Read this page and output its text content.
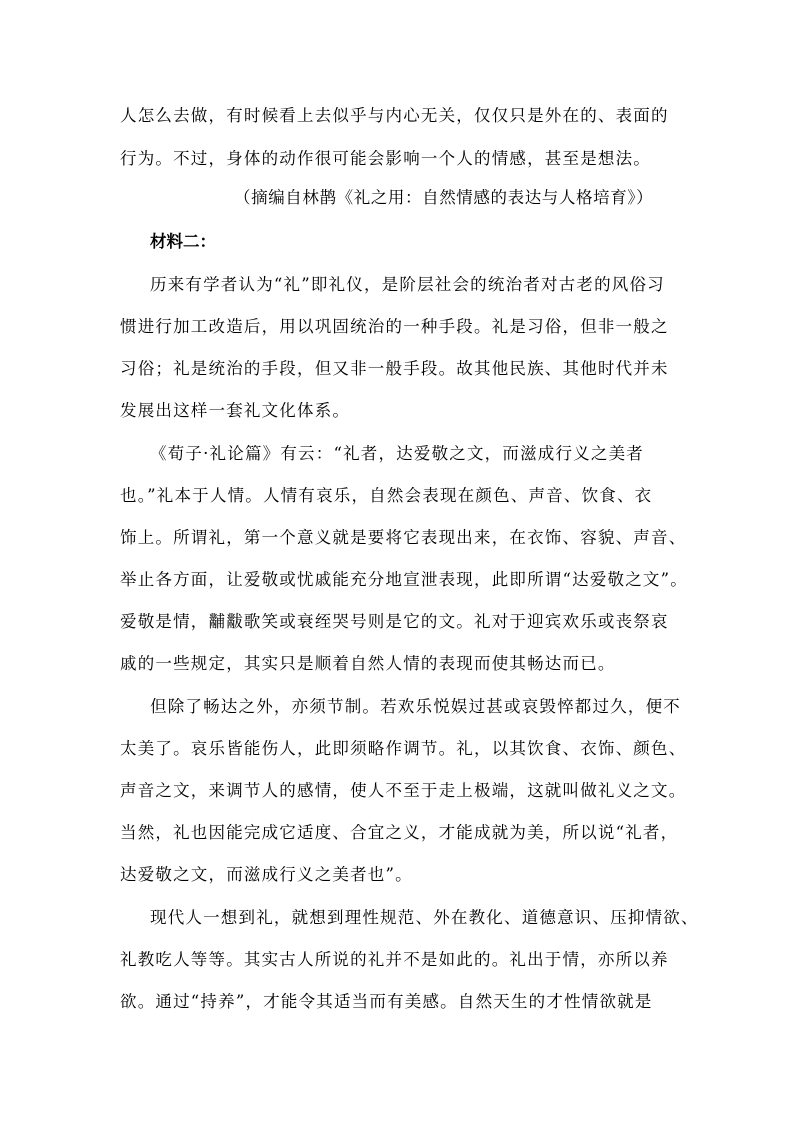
人怎么去做，有时候看上去似乎与内心无关，仅仅只是外在的、表面的
行为。不过，身体的动作很可能会影响一个人的情感，甚至是想法。
（摘编自林鹊《礼之用：自然情感的表达与人格培育》）
材料二：
历来有学者认为“礼”即礼仪，是阶层社会的统治者对古老的风俗习
惯进行加工改造后，用以巩固统治的一种手段。礼是习俗，但非一般之
习俗；礼是统治的手段，但又非一般手段。故其他民族、其他时代并未
发展出这样一套礼文化体系。
《荀子·礼论篇》有云：“礼者，达爱敬之文，而滋成行义之美者
也。”礼本于人情。人情有哀乐，自然会表现在颜色、声音、饮食、衣
饰上。所谓礼，第一个意义就是要将它表现出来，在衣饰、容貌、声音、
举止各方面，让爱敬或忧戚能充分地宣泄表现，此即所谓“达爱敬之文”。
爱敬是情，黼黻歌笑或衰绖哭号则是它的文。礼对于迎宾欢乐或丧祭哀
戚的一些规定，其实只是顺着自然人情的表现而使其畅达而已。
但除了畅达之外，亦须节制。若欢乐悦娱过甚或哀毁悴都过久，便不
太美了。哀乐皆能伤人，此即须略作调节。礼，以其饮食、衣饰、颜色、
声音之文，来调节人的感情，使人不至于走上极端，这就叫做礼义之文。
当然，礼也因能完成它适度、合宜之义，才能成就为美，所以说“礼者，
达爱敬之文，而滋成行义之美者也”。
现代人一想到礼，就想到理性规范、外在教化、道德意识、压抑情欲、
礼教吃人等等。其实古人所说的礼并不是如此的。礼出于情，亦所以养
欲。通过“持养”，才能令其适当而有美感。自然天生的才性情欲就是
